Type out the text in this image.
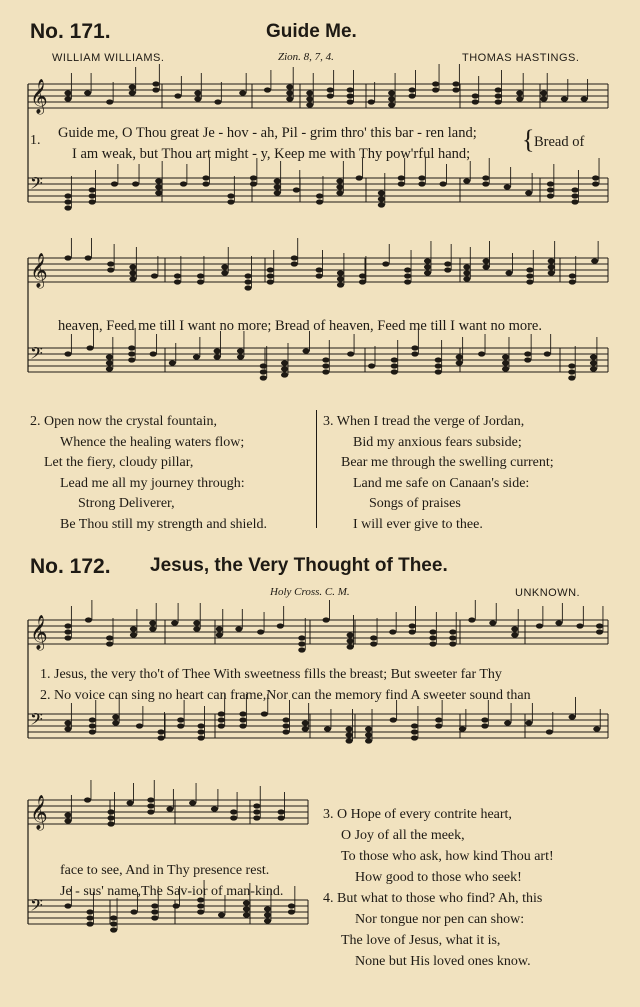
𝄞
𝄢
𝄞
𝄢
𝄞
𝄢
𝄞
𝄢
No. 171.	Guide Me.
WILLIAM WILLIAMS.	Zion. 8, 7, 4.	THOMAS HASTINGS.
1. Guide me, O Thou great Je - hov - ah, Pil - grim thro' this bar - ren land;
I am weak, but Thou art might - y, Keep me with Thy pow'rful hand; { Bread of
heaven, Feed me till I want no more; Bread of heaven, Feed me till I want no more.
2. Open now the crystal fountain,
Whence the healing waters flow;
Let the fiery, cloudy pillar,
Lead me all my journey through:
Strong Deliverer,
Be Thou still my strength and shield.
3. When I tread the verge of Jordan,
Bid my anxious fears subside;
Bear me through the swelling current;
Land me safe on Canaan's side:
Songs of praises
I will ever give to thee.
No. 172. Jesus, the Very Thought of Thee.
Holy Cross. C. M.	UNKNOWN.
1. Jesus, the very tho't of Thee With sweetness fills the breast; But sweeter far Thy
2. No voice can sing no heart can frame,Nor can the memory find A sweeter sound than
face to see, And in Thy presence rest.
Je - sus' name,The Sav-ior of man-kind.
3. O Hope of every contrite heart,
O Joy of all the meek,
To those who ask, how kind Thou art!
How good to those who seek!
4. But what to those who find? Ah, this
Nor tongue nor pen can show:
The love of Jesus, what it is,
None but His loved ones know.
